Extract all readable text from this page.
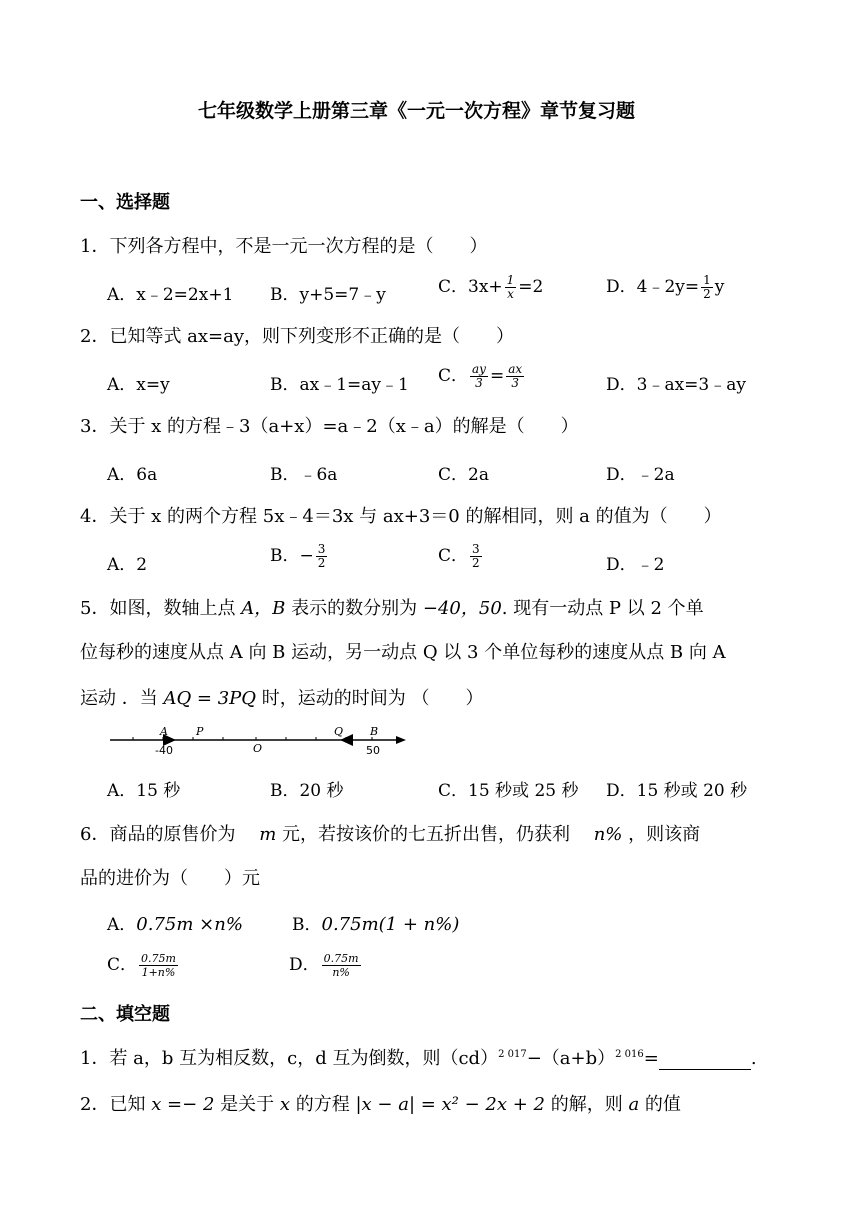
七年级数学上册第三章《一元一次方程》章节复习题
一、选择题
1．下列各方程中，不是一元一次方程的是（　　）
A．x﹣2=2x+1 B．y+5=7﹣y	C．$3x+ \frac{1}{x} =2$	D．4﹣2y= $\frac{1}{2}$ y
2．已知等式 ax=ay，则下列变形不正确的是（　　）
A．x=y	B．ax﹣1=ay﹣1 C． $\frac{ay}{3} = \frac{ax}{3}$	D．3﹣ax=3﹣ay
3．关于 x 的方程﹣3（a+x）=a﹣2（x﹣a）的解是（　　）
A．6a	B．﹣6a	C．2a	D．﹣2a
4．关于 x 的两个方程 5x﹣4＝3x 与 ax+3＝0 的解相同，则 a 的值为（　　）
A．2	B．− $\frac{3}{2}$	C． $\frac{3}{2}$	D．﹣2
5．如图，数轴上点 A，B 表示的数分别为 −40，50. 现有一动点 P 以 2 个单
位每秒的速度从点 A 向 B 运动，另一动点 Q 以 3 个单位每秒的速度从点 B 向 A
运动 ．当 AQ = 3PQ 时，运动的时间为 （　　）
A
-40
P
O
Q B
50
A．15 秒	B．20 秒	C．15 秒或 25 秒 D．15 秒或 20 秒
6．商品的原售价为　 m 元，若按该价的七五折出售，仍获利　 n% ，则该商
品的进价为（　　）元
A．0.75m ×n%	B．0.75m(1 + n%)
C． $\frac{0.75m}{1+n\%}$	D． $\frac{0.75m}{n\%}$
二、填空题
1．若 a，b 互为相反数，c，d 互为倒数，则$(cd)^{2 017}-(a+b)^{2 016}=$	.
2．已知 x =− 2 是关于 x 的方程 |x − a| = x² − 2x + 2 的解，则 a 的值
